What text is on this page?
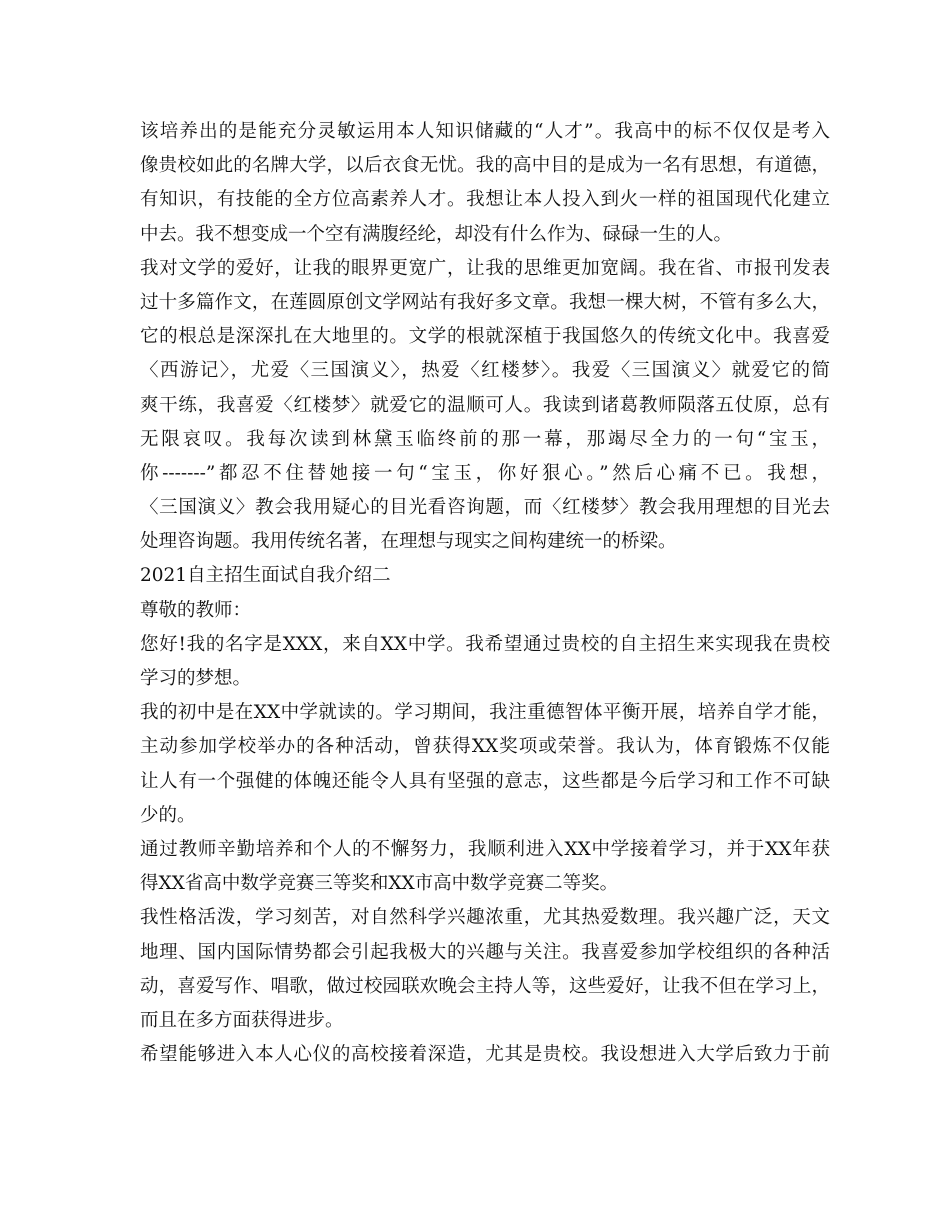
该培养出的是能充分灵敏运用本人知识储藏的“人才”。我高中的标不仅仅是考入
像贵校如此的名牌大学，以后衣食无忧。我的高中目的是成为一名有思想，有道德，
有知识，有技能的全方位高素养人才。我想让本人投入到火一样的祖国现代化建立
中去。我不想变成一个空有满腹经纶，却没有什么作为、碌碌一生的人。
我对文学的爱好，让我的眼界更宽广，让我的思维更加宽阔。我在省、市报刊发表
过十多篇作文，在莲圆原创文学网站有我好多文章。我想一棵大树，不管有多么大，
它的根总是深深扎在大地里的。文学的根就深植于我国悠久的传统文化中。我喜爱
〈西游记〉，尤爱〈三国演义〉，热爱〈红楼梦〉。我爱〈三国演义〉就爱它的简
爽干练，我喜爱〈红楼梦〉就爱它的温顺可人。我读到诸葛教师陨落五仗原，总有
无限哀叹。我每次读到林黛玉临终前的那一幕，那竭尽全力的一句“宝玉，
你-------”都忍不住替她接一句“宝玉，你好狠心。”然后心痛不已。我想，
〈三国演义〉教会我用疑心的目光看咨询题，而〈红楼梦〉教会我用理想的目光去
处理咨询题。我用传统名著，在理想与现实之间构建统一的桥梁。
2021自主招生面试自我介绍二
尊敬的教师：
您好!我的名字是XXX，来自XX中学。我希望通过贵校的自主招生来实现我在贵校
学习的梦想。
我的初中是在XX中学就读的。学习期间，我注重德智体平衡开展，培养自学才能，
主动参加学校举办的各种活动，曾获得XX奖项或荣誉。我认为，体育锻炼不仅能
让人有一个强健的体魄还能令人具有坚强的意志，这些都是今后学习和工作不可缺
少的。
通过教师辛勤培养和个人的不懈努力，我顺利进入XX中学接着学习，并于XX年获
得XX省高中数学竞赛三等奖和XX市高中数学竞赛二等奖。
我性格活泼，学习刻苦，对自然科学兴趣浓重，尤其热爱数理。我兴趣广泛，天文
地理、国内国际情势都会引起我极大的兴趣与关注。我喜爱参加学校组织的各种活
动，喜爱写作、唱歌，做过校园联欢晚会主持人等，这些爱好，让我不但在学习上，
而且在多方面获得进步。
希望能够进入本人心仪的高校接着深造，尤其是贵校。我设想进入大学后致力于前
